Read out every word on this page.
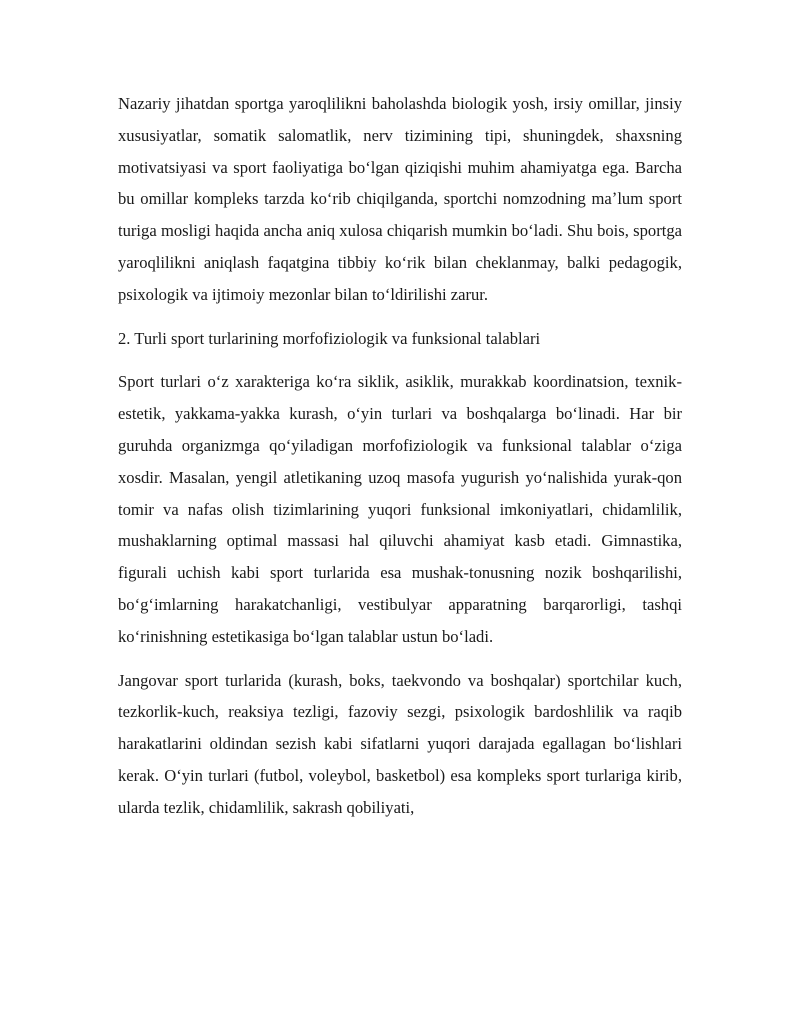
Nazariy jihatdan sportga yaroqlilikni baholashda biologik yosh, irsiy omillar, jinsiy xususiyatlar, somatik salomatlik, nerv tizimining tipi, shuningdek, shaxsning motivatsiyasi va sport faoliyatiga boʻlgan qiziqishi muhim ahamiyatga ega. Barcha bu omillar kompleks tarzda koʻrib chiqilganda, sportchi nomzodning maʼlum sport turiga mosligi haqida ancha aniq xulosa chiqarish mumkin boʻladi. Shu bois, sportga yaroqlilikni aniqlash faqatgina tibbiy koʻrik bilan cheklanmay, balki pedagogik, psixologik va ijtimoiy mezonlar bilan toʻldirilishi zarur.

2. Turli sport turlarining morfofiziologik va funksional talablari

Sport turlari oʻz xarakteriga koʻra siklik, asiklik, murakkab koordinatsion, texnik-estetik, yakkama-yakka kurash, oʻyin turlari va boshqalarga boʻlinadi. Har bir guruhda organizmga qoʻyiladigan morfofiziologik va funksional talablar oʻziga xosdir. Masalan, yengil atletikaning uzoq masofa yugurish yoʻnalishida yurak-qon tomir va nafas olish tizimlarining yuqori funksional imkoniyatlari, chidamlilik, mushaklarning optimal massasi hal qiluvchi ahamiyat kasb etadi. Gimnastika, figurali uchish kabi sport turlarida esa mushak-tonusning nozik boshqarilishi, boʻgʻimlarning harakatchanligi, vestibulyar apparatning barqarorligi, tashqi koʻrinishning estetikasiga boʻlgan talablar ustun boʻladi.

Jangovar sport turlarida (kurash, boks, taekvondo va boshqalar) sportchilar kuch, tezkorlik-kuch, reaksiya tezligi, fazoviy sezgi, psixologik bardoshlilik va raqib harakatlarini oldindan sezish kabi sifatlarni yuqori darajada egallagan boʻlishlari kerak. Oʻyin turlari (futbol, voleybol, basketbol) esa kompleks sport turlariga kirib, ularda tezlik, chidamlilik, sakrash qobiliyati,
